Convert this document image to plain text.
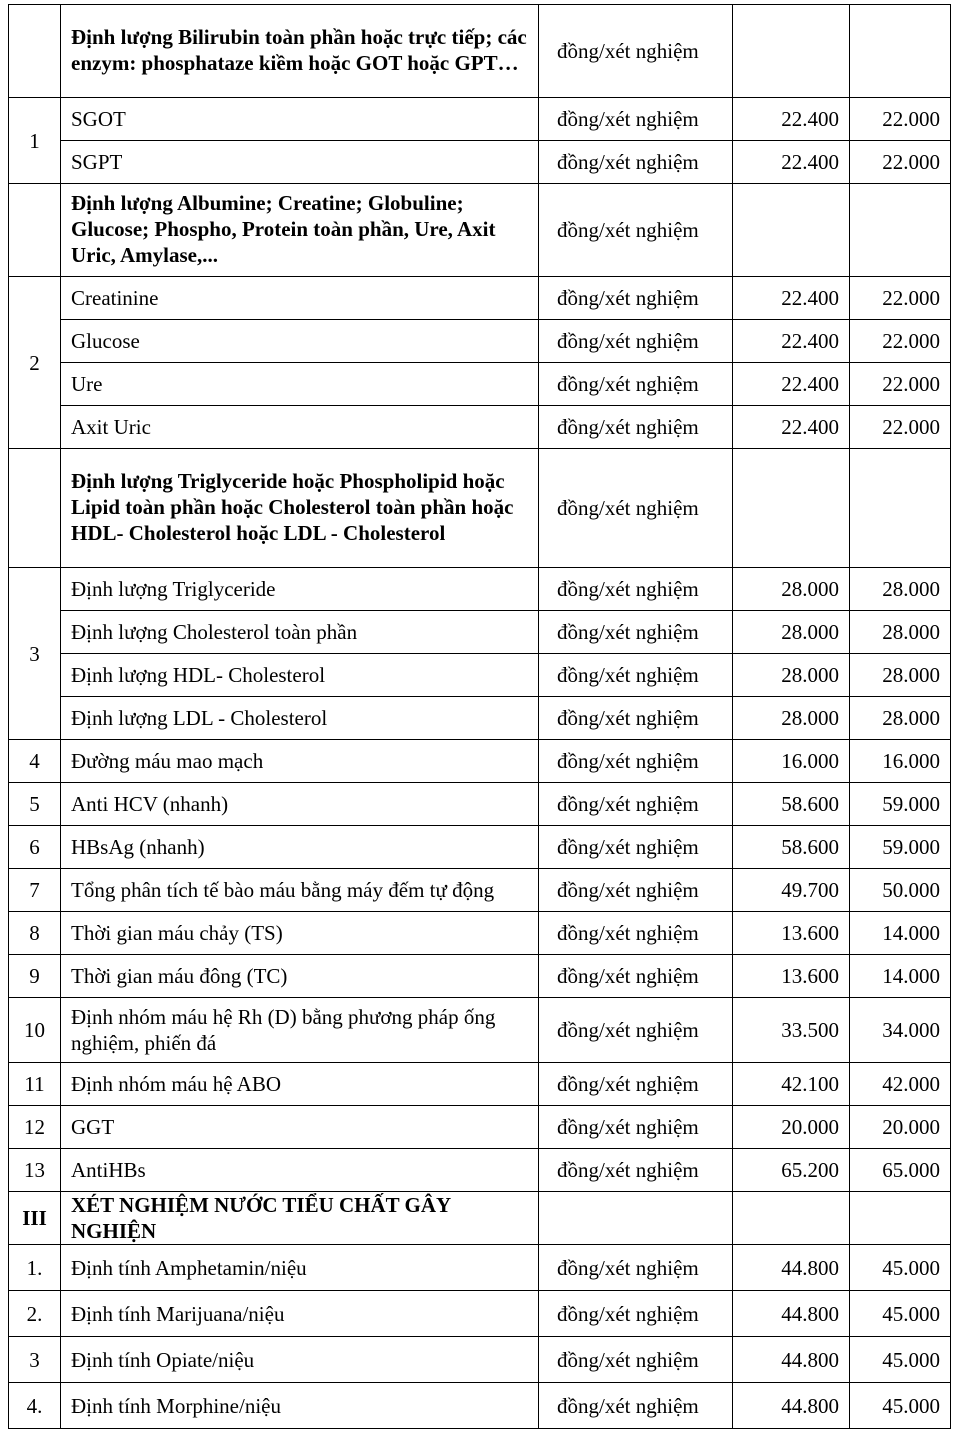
	Định lượng Bilirubin toàn phần hoặc trực tiếp; các enzym: phosphataze kiềm hoặc GOT hoặc GPT…	đồng/xét nghiệm		
1	SGOT	đồng/xét nghiệm	22.400	22.000
	SGPT	đồng/xét nghiệm	22.400	22.000
	Định lượng Albumine; Creatine; Globuline; Glucose; Phospho, Protein toàn phần, Ure, Axit Uric, Amylase,...	đồng/xét nghiệm		
2	Creatinine	đồng/xét nghiệm	22.400	22.000
	Glucose	đồng/xét nghiệm	22.400	22.000
	Ure	đồng/xét nghiệm	22.400	22.000
	Axit Uric	đồng/xét nghiệm	22.400	22.000
	Định lượng Triglyceride hoặc Phospholipid hoặc Lipid toàn phần hoặc Cholesterol toàn phần hoặc HDL- Cholesterol hoặc LDL - Cholesterol	đồng/xét nghiệm		
3	Định lượng Triglyceride	đồng/xét nghiệm	28.000	28.000
	Định lượng Cholesterol toàn phần	đồng/xét nghiệm	28.000	28.000
	Định lượng HDL- Cholesterol	đồng/xét nghiệm	28.000	28.000
	Định lượng LDL - Cholesterol	đồng/xét nghiệm	28.000	28.000
4	Đường máu mao mạch	đồng/xét nghiệm	16.000	16.000
5	Anti HCV (nhanh)	đồng/xét nghiệm	58.600	59.000
6	HBsAg (nhanh)	đồng/xét nghiệm	58.600	59.000
7	Tổng phân tích tế bào máu bằng máy đếm tự động	đồng/xét nghiệm	49.700	50.000
8	Thời gian máu chảy (TS)	đồng/xét nghiệm	13.600	14.000
9	Thời gian máu đông (TC)	đồng/xét nghiệm	13.600	14.000
10	Định nhóm máu hệ Rh (D) bằng phương pháp ống nghiệm, phiến đá	đồng/xét nghiệm	33.500	34.000
11	Định nhóm máu hệ ABO	đồng/xét nghiệm	42.100	42.000
12	GGT	đồng/xét nghiệm	20.000	20.000
13	AntiHBs	đồng/xét nghiệm	65.200	65.000
III	XÉT NGHIỆM NƯỚC TIỂU CHẤT GÂY NGHIỆN			
1.	Định tính Amphetamin/niệu	đồng/xét nghiệm	44.800	45.000
2.	Định tính Marijuana/niệu	đồng/xét nghiệm	44.800	45.000
3	Định tính Opiate/niệu	đồng/xét nghiệm	44.800	45.000
4.	Định tính Morphine/niệu	đồng/xét nghiệm	44.800	45.000
